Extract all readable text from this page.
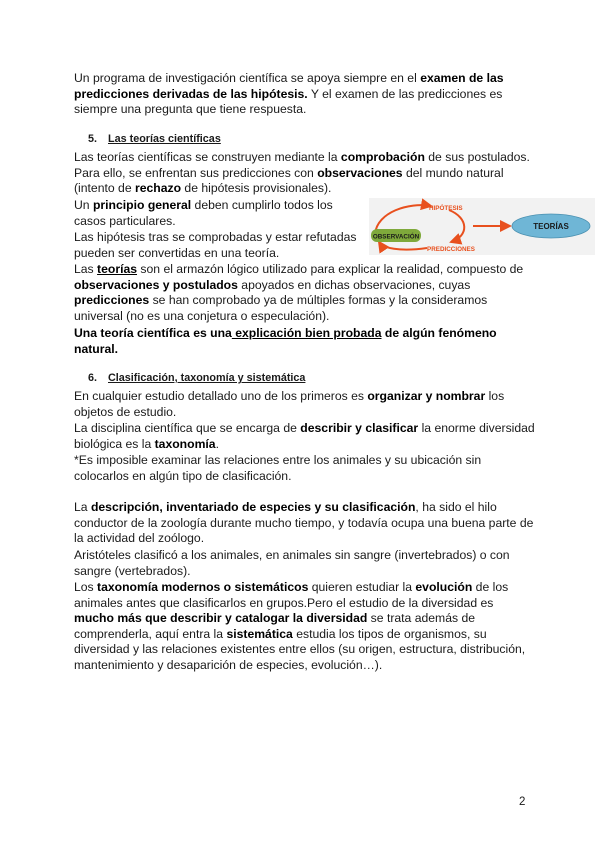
Un programa de investigación científica se apoya siempre en el examen de las predicciones derivadas de las hipótesis. Y el examen de las predicciones es siempre una pregunta que tiene respuesta.

5. Las teorías científicas

Las teorías científicas se construyen mediante la comprobación de sus postulados. Para ello, se enfrentan sus predicciones con observaciones del mundo natural (intento de rechazo de hipótesis provisionales).

Un principio general deben cumplirlo todos los casos particulares.

Las hipótesis tras se comprobadas y estar refutadas pueden ser convertidas en una teoría.

OBSERVACIÓN
HIPÓTESIS
PREDICCIONES
TEORÍAS

Las teorías son el armazón lógico utilizado para explicar la realidad, compuesto de observaciones y postulados apoyados en dichas observaciones, cuyas predicciones se han comprobado ya de múltiples formas y la consideramos universal (no es una conjetura o especulación).

Una teoría científica es una explicación bien probada de algún fenómeno natural.

6. Clasificación, taxonomía y sistemática

En cualquier estudio detallado uno de los primeros es organizar y nombrar los objetos de estudio.

La disciplina científica que se encarga de describir y clasificar la enorme diversidad biológica es la taxonomía.

*Es imposible examinar las relaciones entre los animales y su ubicación sin colocarlos en algún tipo de clasificación.

La descripción, inventariado de especies y su clasificación, ha sido el hilo conductor de la zoología durante mucho tiempo, y todavía ocupa una buena parte de la actividad del zoólogo.

Aristóteles clasificó a los animales, en animales sin sangre (invertebrados) o con sangre (vertebrados).

Los taxonomía modernos o sistemáticos quieren estudiar la evolución de los animales antes que clasificarlos en grupos.Pero el estudio de la diversidad es mucho más que describir y catalogar la diversidad se trata además de comprenderla, aquí entra la sistemática estudia los tipos de organismos, su diversidad y las relaciones existentes entre ellos (su origen, estructura, distribución, mantenimiento y desaparición de especies, evolución…).

2
